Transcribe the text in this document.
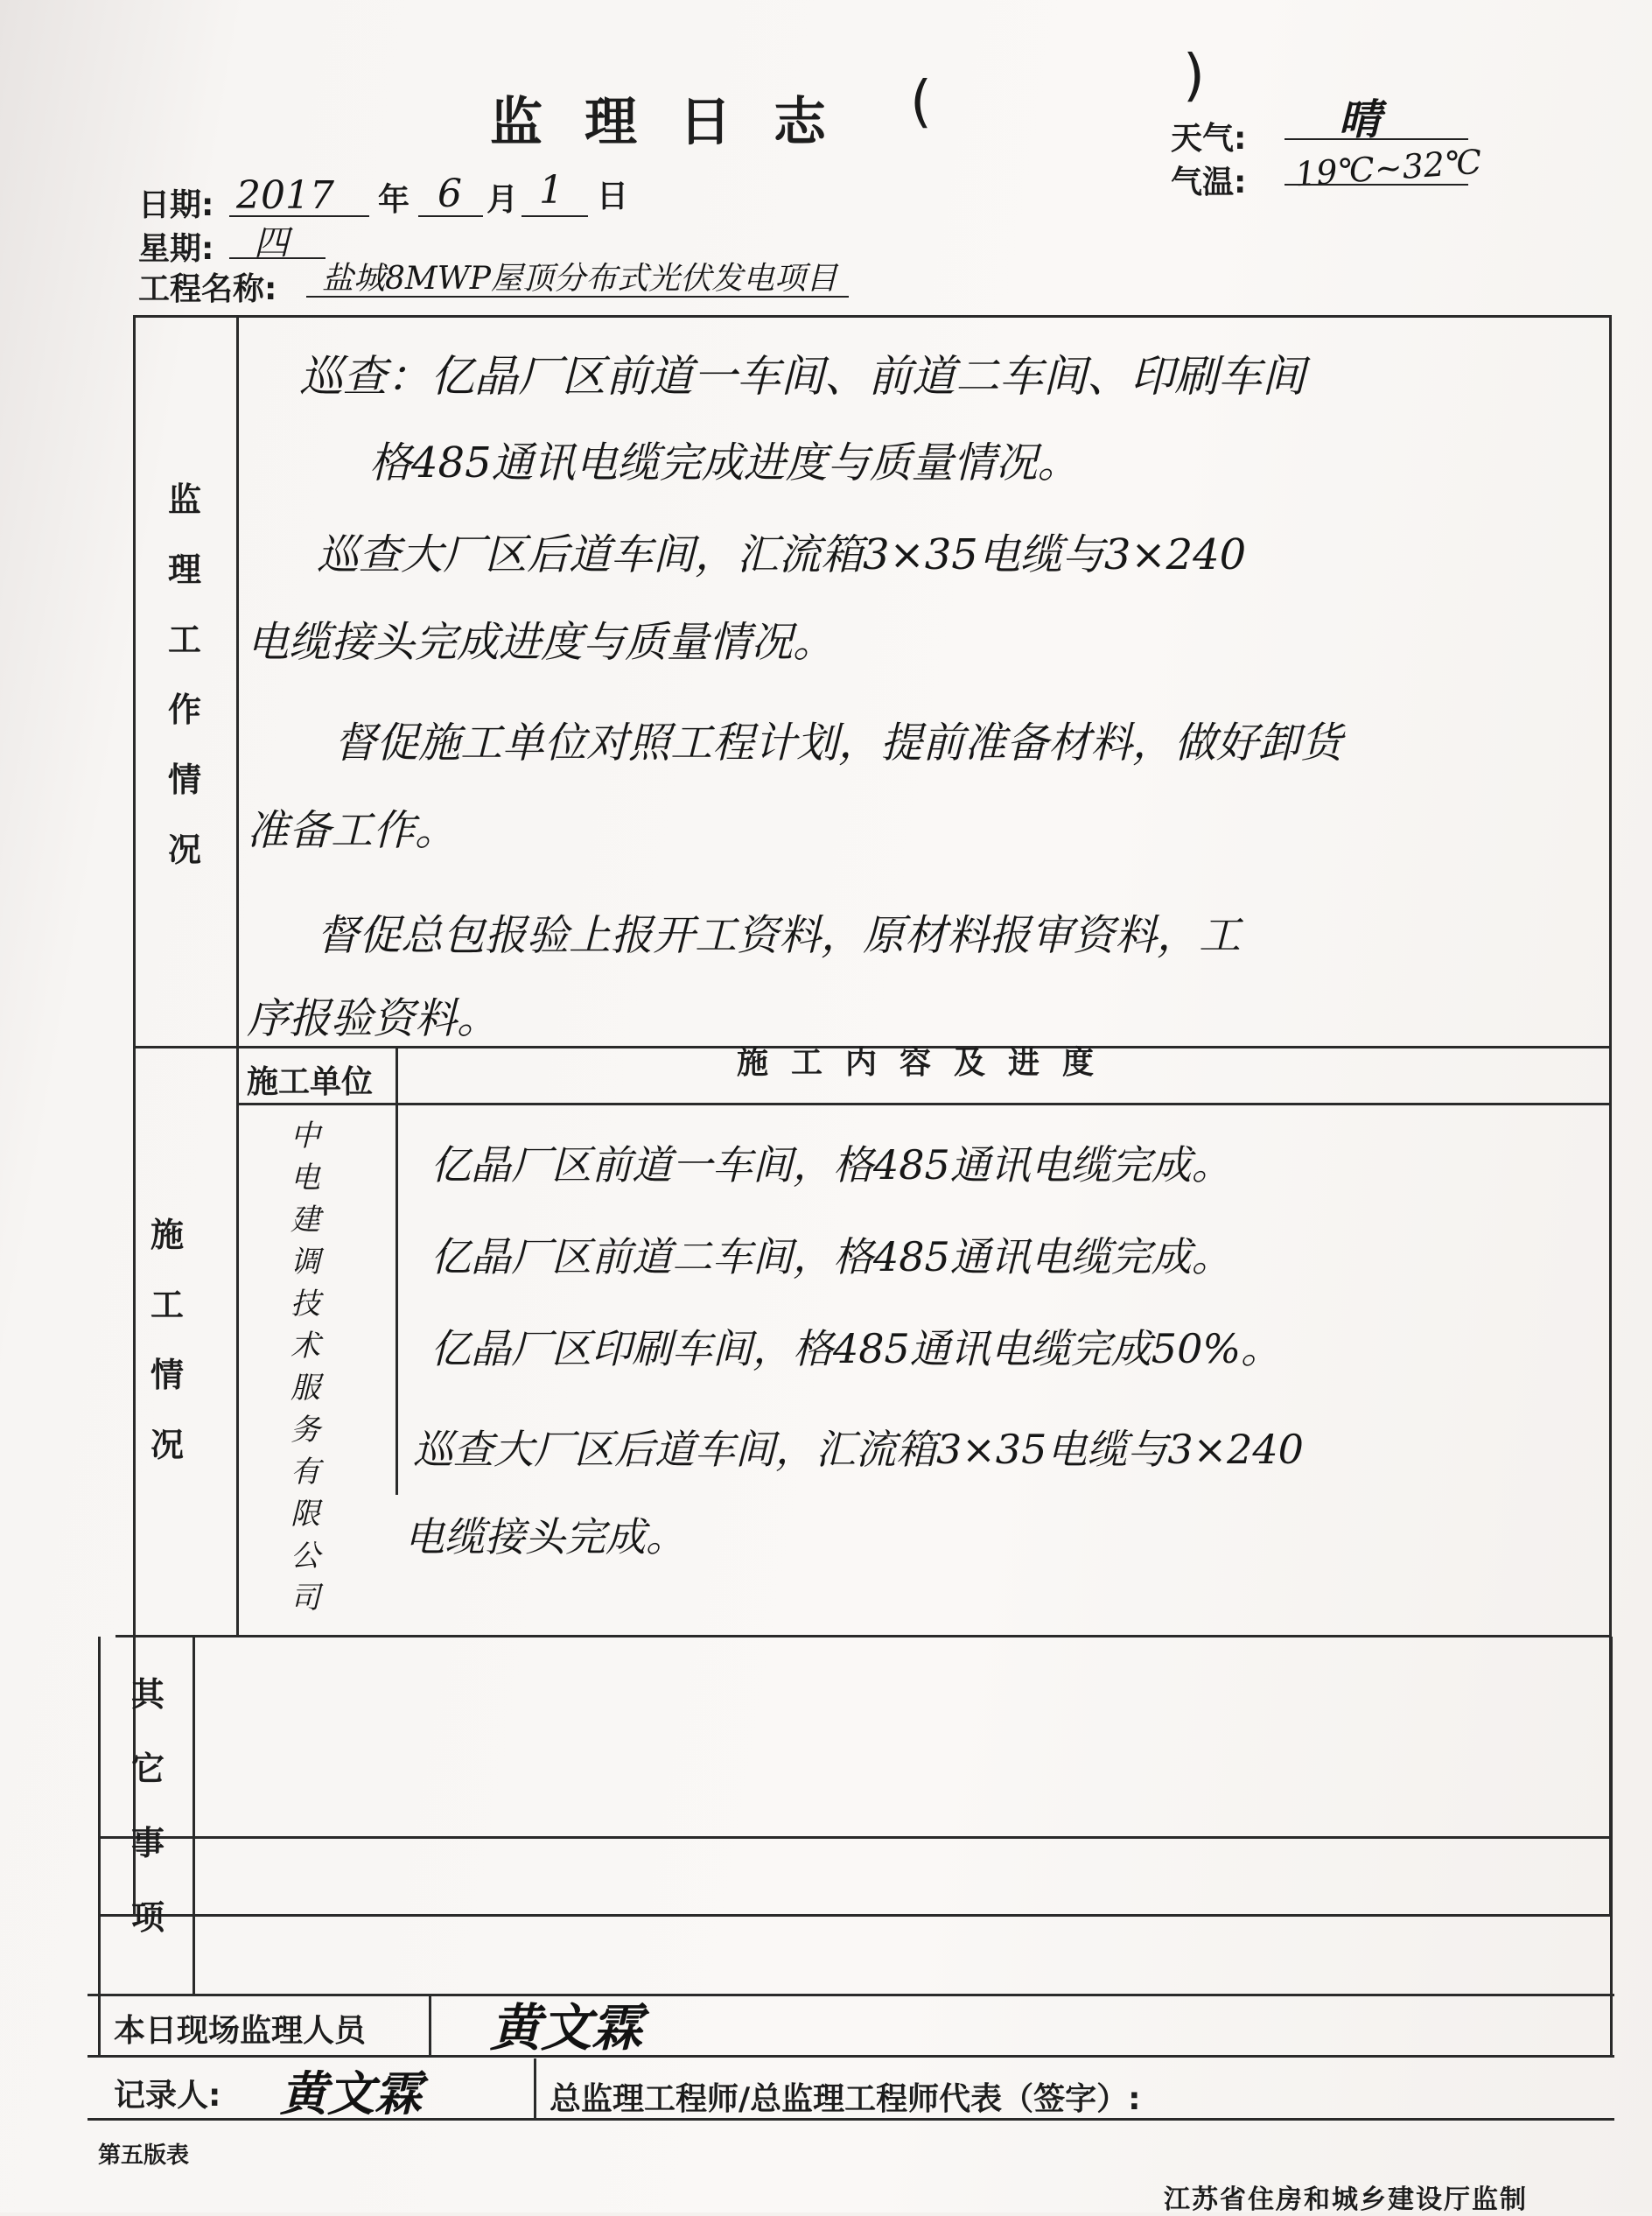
监理日志 (	)
天气: 晴
气温: 19℃~32℃
日期: 2017 年 6 月 1 日
星期: 四
工程名称: 盐城8MWP屋顶分布式光伏发电项目
监
理
工
作
情
况
巡查：亿晶厂区前道一车间、前道二车间、印刷车间
格485通讯电缆完成进度与质量情况。
巡查大厂区后道车间，汇流箱3×35电缆与3×240
电缆接头完成进度与质量情况。
督促施工单位对照工程计划，提前准备材料，做好卸货
准备工作。
督促总包报验上报开工资料，原材料报审资料，工
序报验资料。
施工单位
施工内容及进度
施
工
情
况
中
电
建
调
技
术
服
务
有
限
公
司
亿晶厂区前道一车间，格485通讯电缆完成。
亿晶厂区前道二车间，格485通讯电缆完成。
亿晶厂区印刷车间，格485通讯电缆完成50%。
巡查大厂区后道车间，汇流箱3×35电缆与3×240
电缆接头完成。
其
它
事
项
本日现场监理人员 黄文霖
记录人: 黄文霖	总监理工程师/总监理工程师代表（签字）:
第五版表
江苏省住房和城乡建设厅监制
